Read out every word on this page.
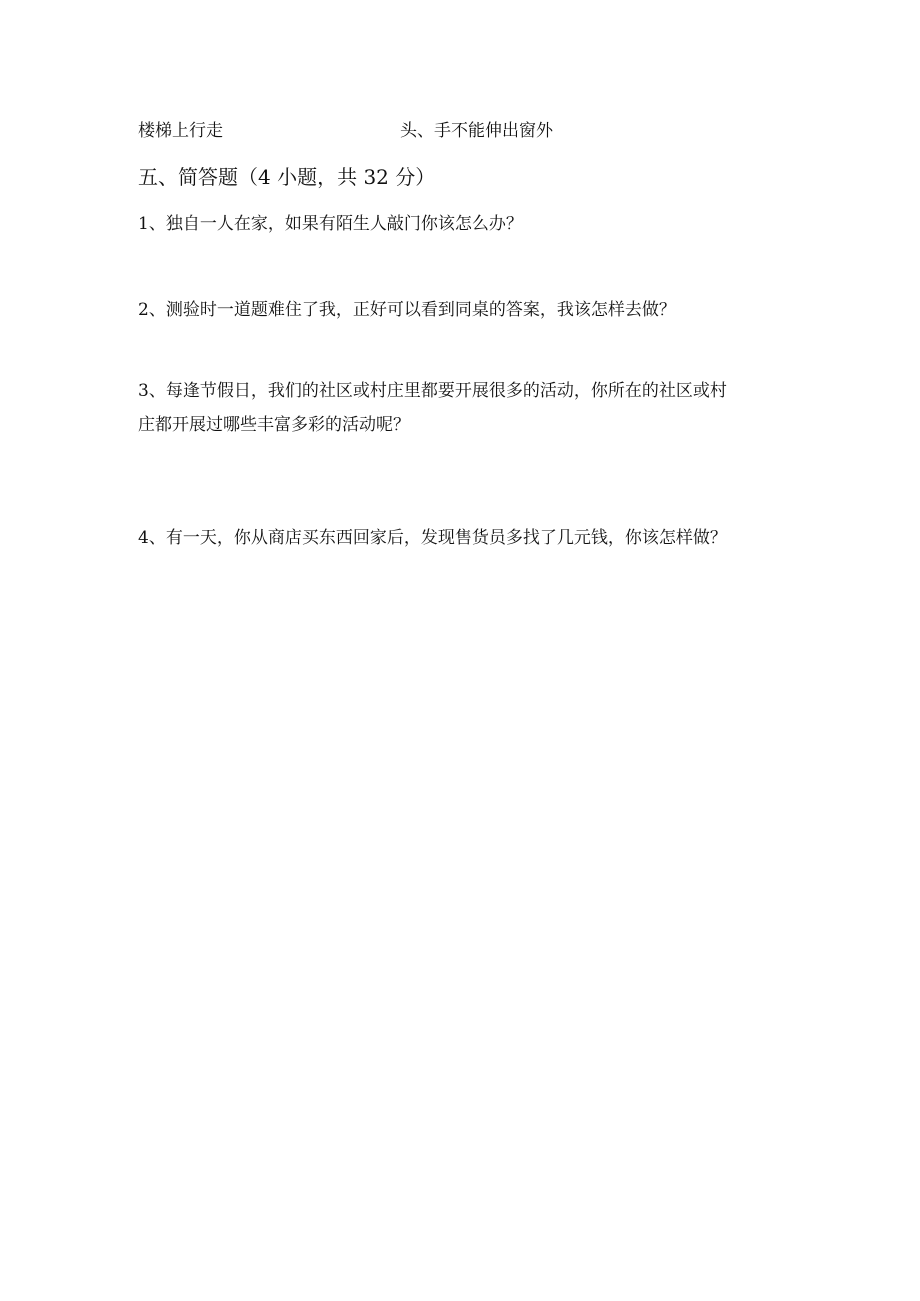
楼梯上行走	头、手不能伸出窗外
五、简答题（4 小题，共 32 分）
1、独自一人在家，如果有陌生人敲门你该怎么办？
2、测验时一道题难住了我，正好可以看到同桌的答案，我该怎样去做？
3、每逢节假日，我们的社区或村庄里都要开展很多的活动，你所在的社区或村
庄都开展过哪些丰富多彩的活动呢？
4、有一天，你从商店买东西回家后，发现售货员多找了几元钱，你该怎样做？
